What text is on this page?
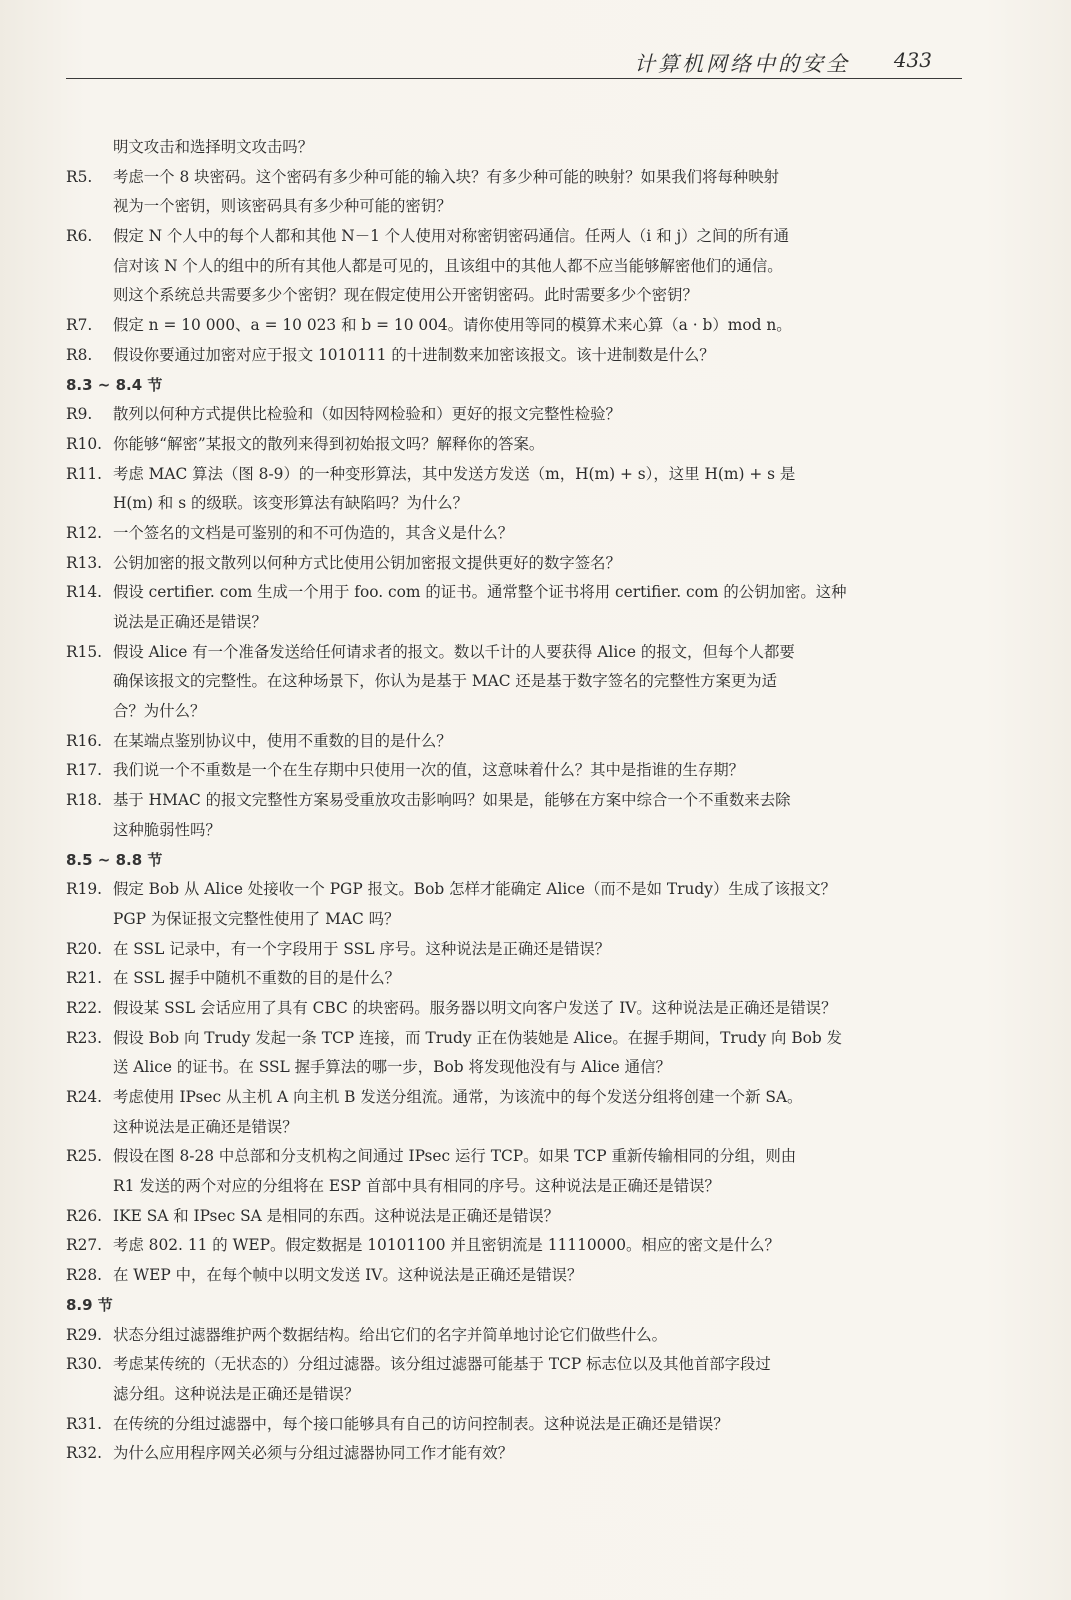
计算机网络中的安全 433
明文攻击和选择明文攻击吗？
R5. 考虑一个 8 块密码。这个密码有多少种可能的输入块？有多少种可能的映射？如果我们将每种映射
视为一个密钥，则该密码具有多少种可能的密钥？
R6. 假定 N 个人中的每个人都和其他 N－1 个人使用对称密钥密码通信。任两人（i 和 j）之间的所有通
信对该 N 个人的组中的所有其他人都是可见的，且该组中的其他人都不应当能够解密他们的通信。
则这个系统总共需要多少个密钥？现在假定使用公开密钥密码。此时需要多少个密钥？
R7. 假定 n = 10 000、a = 10 023 和 b = 10 004。请你使用等同的模算术来心算（a · b）mod n。
R8. 假设你要通过加密对应于报文 1010111 的十进制数来加密该报文。该十进制数是什么？
8.3 ~ 8.4 节
R9. 散列以何种方式提供比检验和（如因特网检验和）更好的报文完整性检验？
R10. 你能够“解密”某报文的散列来得到初始报文吗？解释你的答案。
R11. 考虑 MAC 算法（图 8-9）的一种变形算法，其中发送方发送（m，H(m) + s），这里 H(m) + s 是
H(m) 和 s 的级联。该变形算法有缺陷吗？为什么？
R12. 一个签名的文档是可鉴别的和不可伪造的，其含义是什么？
R13. 公钥加密的报文散列以何种方式比使用公钥加密报文提供更好的数字签名？
R14. 假设 certifier. com 生成一个用于 foo. com 的证书。通常整个证书将用 certifier. com 的公钥加密。这种
说法是正确还是错误？
R15. 假设 Alice 有一个准备发送给任何请求者的报文。数以千计的人要获得 Alice 的报文，但每个人都要
确保该报文的完整性。在这种场景下，你认为是基于 MAC 还是基于数字签名的完整性方案更为适
合？为什么？
R16. 在某端点鉴别协议中，使用不重数的目的是什么？
R17. 我们说一个不重数是一个在生存期中只使用一次的值，这意味着什么？其中是指谁的生存期？
R18. 基于 HMAC 的报文完整性方案易受重放攻击影响吗？如果是，能够在方案中综合一个不重数来去除
这种脆弱性吗？
8.5 ~ 8.8 节
R19. 假定 Bob 从 Alice 处接收一个 PGP 报文。Bob 怎样才能确定 Alice（而不是如 Trudy）生成了该报文？
PGP 为保证报文完整性使用了 MAC 吗？
R20. 在 SSL 记录中，有一个字段用于 SSL 序号。这种说法是正确还是错误？
R21. 在 SSL 握手中随机不重数的目的是什么？
R22. 假设某 SSL 会话应用了具有 CBC 的块密码。服务器以明文向客户发送了 IV。这种说法是正确还是错误？
R23. 假设 Bob 向 Trudy 发起一条 TCP 连接，而 Trudy 正在伪装她是 Alice。在握手期间，Trudy 向 Bob 发
送 Alice 的证书。在 SSL 握手算法的哪一步，Bob 将发现他没有与 Alice 通信？
R24. 考虑使用 IPsec 从主机 A 向主机 B 发送分组流。通常，为该流中的每个发送分组将创建一个新 SA。
这种说法是正确还是错误？
R25. 假设在图 8-28 中总部和分支机构之间通过 IPsec 运行 TCP。如果 TCP 重新传输相同的分组，则由
R1 发送的两个对应的分组将在 ESP 首部中具有相同的序号。这种说法是正确还是错误？
R26. IKE SA 和 IPsec SA 是相同的东西。这种说法是正确还是错误？
R27. 考虑 802. 11 的 WEP。假定数据是 10101100 并且密钥流是 11110000。相应的密文是什么？
R28. 在 WEP 中，在每个帧中以明文发送 IV。这种说法是正确还是错误？
8.9 节
R29. 状态分组过滤器维护两个数据结构。给出它们的名字并简单地讨论它们做些什么。
R30. 考虑某传统的（无状态的）分组过滤器。该分组过滤器可能基于 TCP 标志位以及其他首部字段过
滤分组。这种说法是正确还是错误？
R31. 在传统的分组过滤器中，每个接口能够具有自己的访问控制表。这种说法是正确还是错误？
R32. 为什么应用程序网关必须与分组过滤器协同工作才能有效？
